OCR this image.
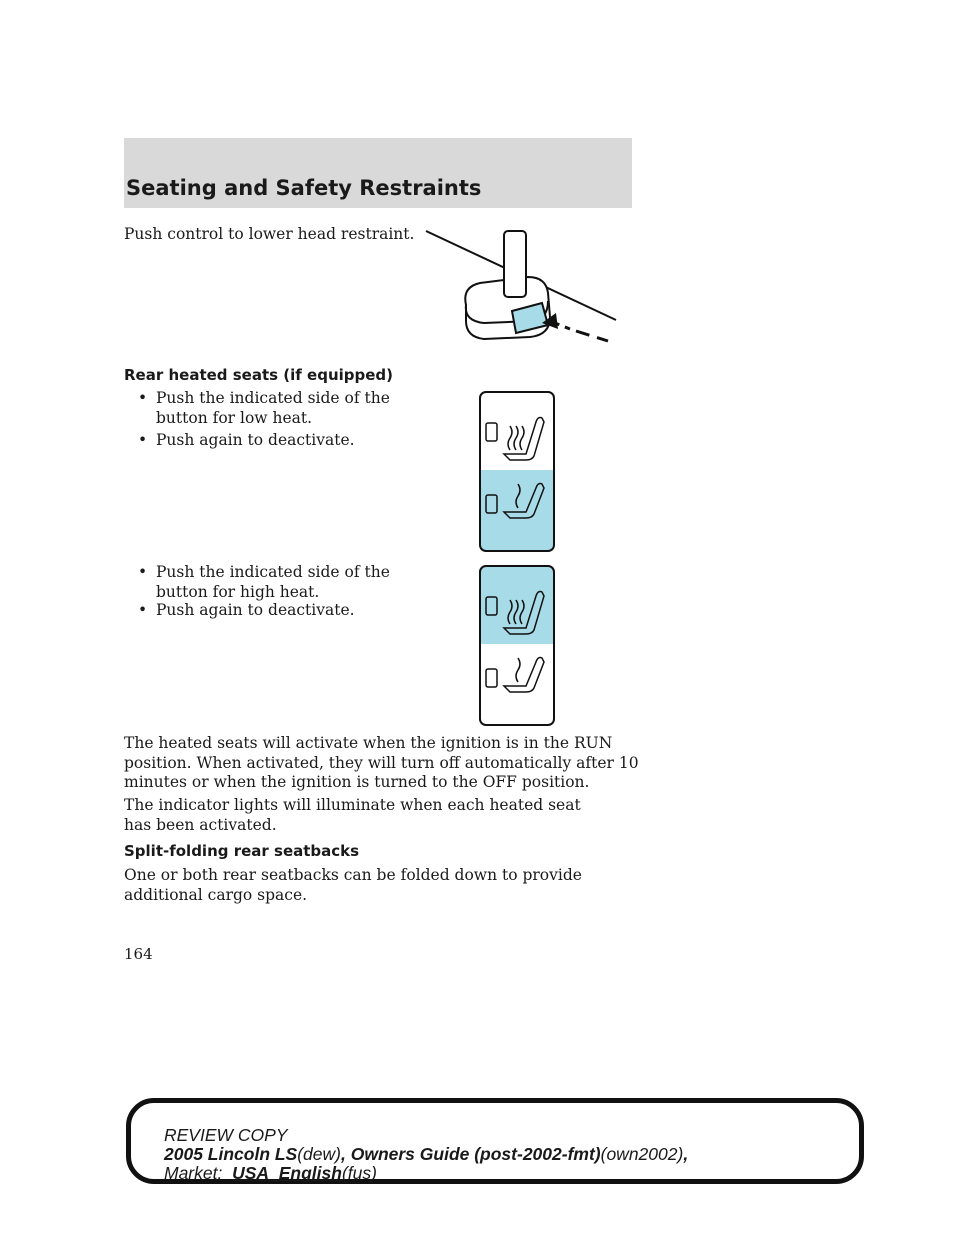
Seating and Safety Restraints

Push control to lower head restraint.

Rear heated seats (if equipped)

• Push the indicated side of the button for low heat.

• Push again to deactivate.

• Push the indicated side of the button for high heat.

• Push again to deactivate.

The heated seats will activate when the ignition is in the RUN position. When activated, they will turn off automatically after 10 minutes or when the ignition is turned to the OFF position.

The indicator lights will illuminate when each heated seat has been activated.

Split-folding rear seatbacks

One or both rear seatbacks can be folded down to provide additional cargo space.

164

REVIEW COPY

2005 Lincoln LS(dew), Owners Guide (post-2002-fmt)(own2002),

Market:  USA_English(fus)
